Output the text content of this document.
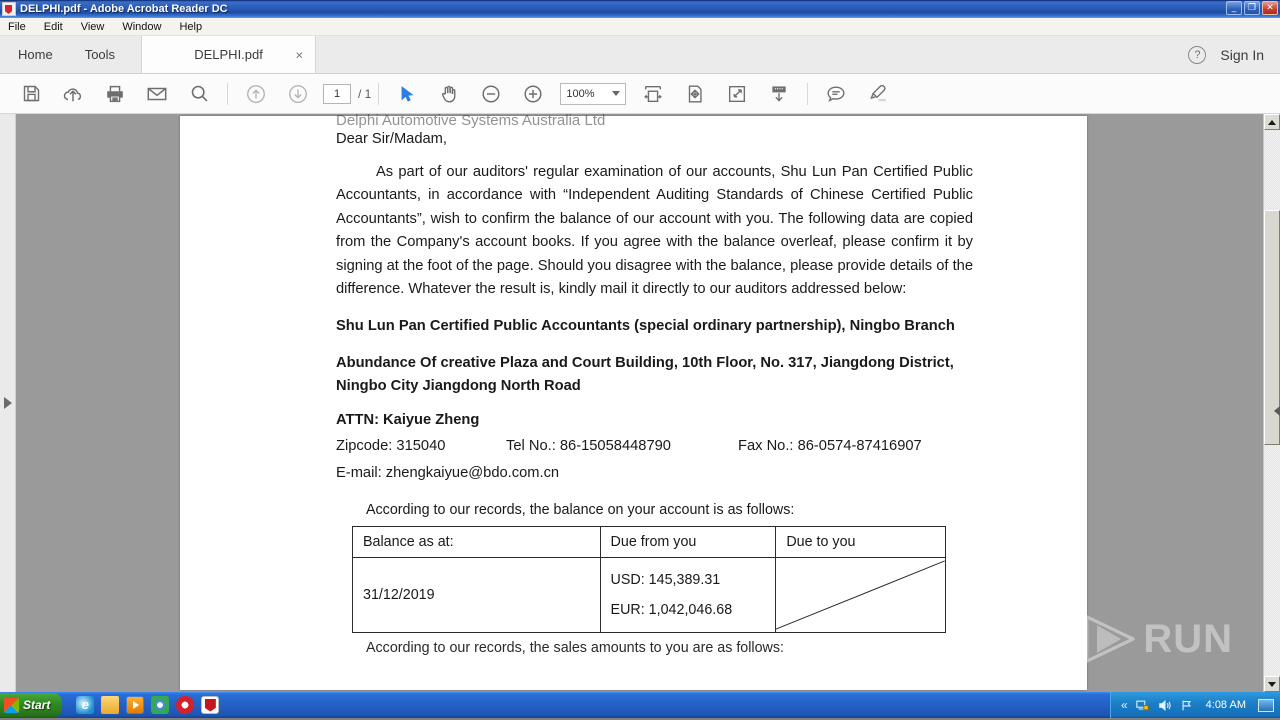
DELPHI.pdf - Adobe Acrobat Reader DC	_	❐	✕
File Edit View Window Help
Home	Tools	DELPHI.pdf	×	?	Sign In
1	/ 1	100%
Delphi Automotive Systems Australia Ltd
Dear Sir/Madam,
As part of our auditors' regular examination of our accounts, Shu Lun Pan Certified Public Accountants, in accordance with “Independent Auditing Standards of Chinese Certified Public Accountants”, wish to confirm the balance of our account with you. The following data are copied from the Company's account books. If you agree with the balance overleaf, please confirm it by signing at the foot of the page. Should you disagree with the balance, please provide details of the difference. Whatever the result is, kindly mail it directly to our auditors addressed below:
Shu Lun Pan Certified Public Accountants (special ordinary partnership), Ningbo Branch
Abundance Of creative Plaza and Court Building, 10th Floor, No. 317, Jiangdong District, Ningbo City Jiangdong North Road
ATTN: Kaiyue Zheng
Zipcode: 315040	Tel No.: 86-15058448790	Fax No.: 86-0574-87416907
E-mail: zhengkaiyue@bdo.com.cn
According to our records, the balance on your account is as follows:
Balance as at:	Due from you	Due to you
31/12/2019	USD: 145,389.31
EUR: 1,042,046.68

According to our records, the sales amounts to you are as follows:	ANY RUN
Start e	«	4:08 AM
